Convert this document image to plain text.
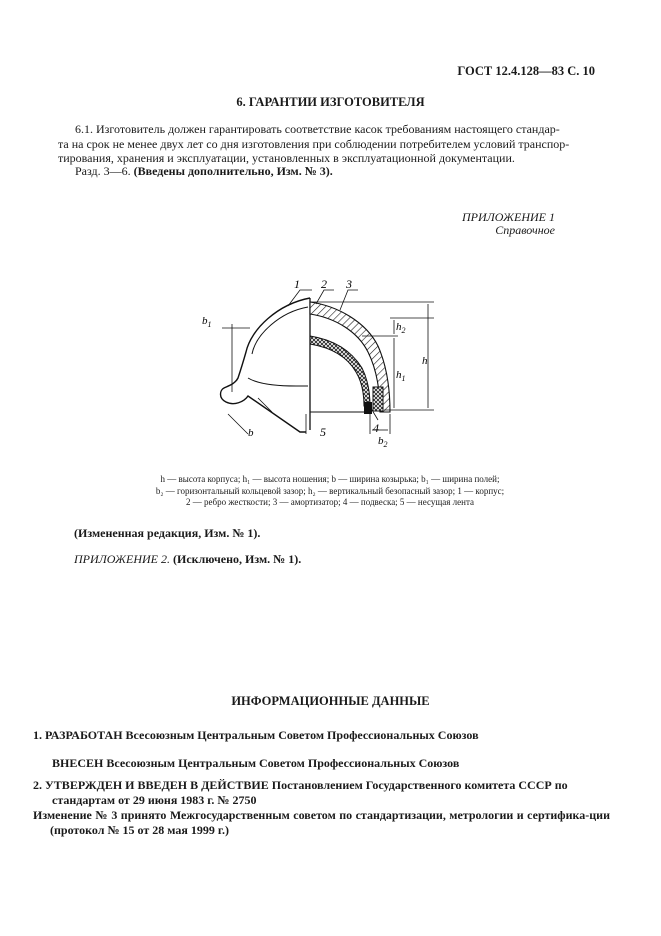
ГОСТ 12.4.128—83 С. 10
6. ГАРАНТИИ ИЗГОТОВИТЕЛЯ
6.1. Изготовитель должен гарантировать соответствие касок требованиям настоящего стандар-
та на срок не менее двух лет со дня изготовления при соблюдении потребителем условий транспор-
тирования, хранения и эксплуатации, установленных в эксплуатационной документации.
Разд. 3—6. (Введены дополнительно, Изм. № 3).
ПРИЛОЖЕНИЕ 1
Справочное
1 2 3
4
5
$b_1$
b
$b_2$
h
$h_1$
$h_2$
h — высота корпуса; h₁ — высота ношения; b — ширина козырька; b₁ — ширина полей;
b₂ — горизонтальный кольцевой зазор; h₂ — вертикальный безопасный зазор; 1 — корпус;
2 — ребро жесткости; 3 — амортизатор; 4 — подвеска; 5 — несущая лента
(Измененная редакция, Изм. № 1).
ПРИЛОЖЕНИЕ 2. (Исключено, Изм. № 1).
ИНФОРМАЦИОННЫЕ ДАННЫЕ
1. РАЗРАБОТАН Всесоюзным Центральным Советом Профессиональных Союзов
ВНЕСЕН Всесоюзным Центральным Советом Профессиональных Союзов
2. УТВЕРЖДЕН И ВВЕДЕН В ДЕЙСТВИЕ Постановлением Государственного комитета СССР по стандартам от 29 июня 1983 г. № 2750
Изменение № 3 принято Межгосударственным советом по стандартизации, метрологии и сертифика-ции (протокол № 15 от 28 мая 1999 г.)
